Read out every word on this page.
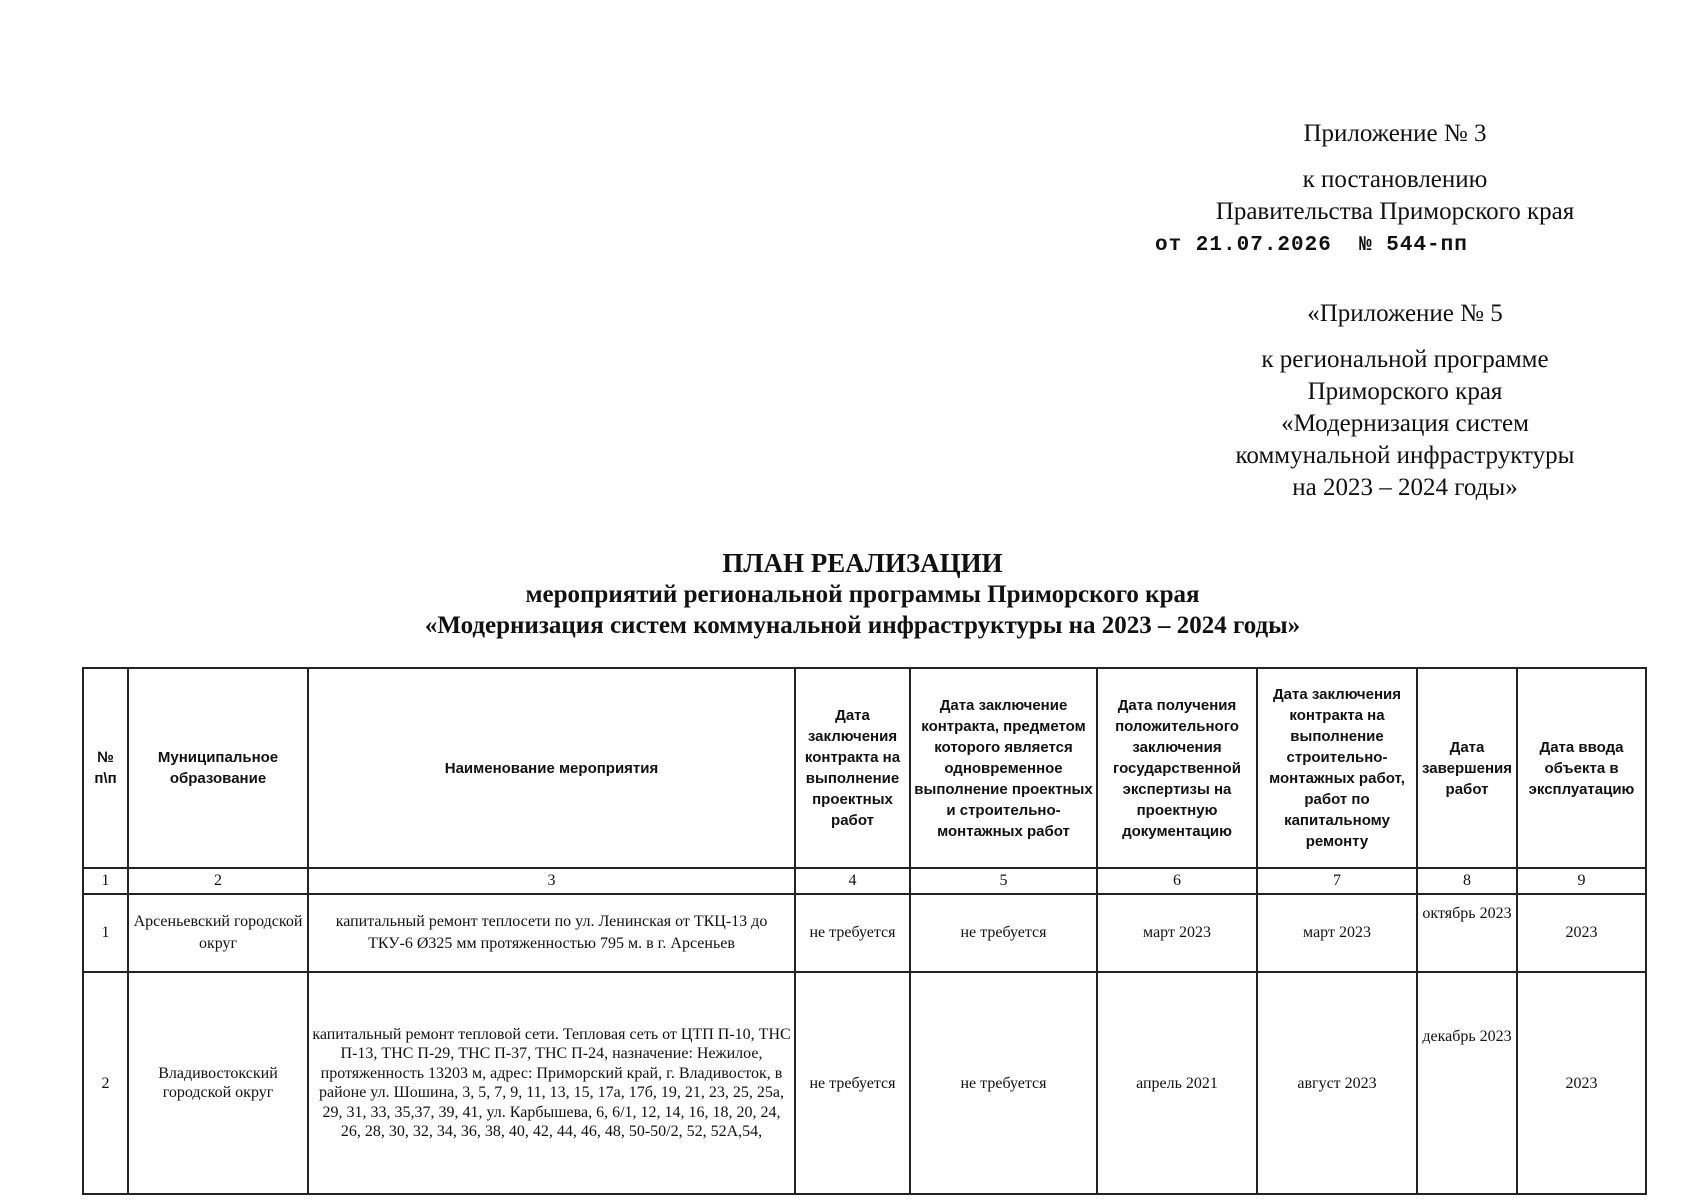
Приложение № 3
к постановлению
Правительства Приморского края
от 21.07.2026  № 544-пп
«Приложение № 5
к региональной программе
Приморского края
«Модернизация систем
коммунальной инфраструктуры
на 2023 – 2024 годы»
ПЛАН РЕАЛИЗАЦИИ
мероприятий региональной программы Приморского края
«Модернизация систем коммунальной инфраструктуры на 2023 – 2024 годы»
№ п\п	Муниципальное образование	Наименование мероприятия	Дата заключения контракта на выполнение проектных работ	Дата заключение контракта, предметом которого является одновременное выполнение проектных и строительно-монтажных работ	Дата получения положительного заключения государственной экспертизы на проектную документацию	Дата заключения контракта на выполнение строительно-монтажных работ, работ по капитальному ремонту	Дата завершения работ	Дата ввода объекта в эксплуатацию
1	2	3	4	5	6	7	8	9
1	Арсеньевский городской округ	капитальный ремонт теплосети по ул. Ленинская от ТКЦ-13 до ТКУ-6 Ø325 мм протяженностью 795 м. в г. Арсеньев	не требуется	не требуется	март 2023	март 2023	октябрь 2023	2023
2	Владивостокский городской округ	капитальный ремонт тепловой сети. Тепловая сеть от ЦТП П-10, ТНС П-13, ТНС П-29, ТНС П-37, ТНС П-24, назначение: Нежилое, протяженность 13203 м, адрес: Приморский край, г. Владивосток, в районе ул. Шошина, 3, 5, 7, 9, 11, 13, 15, 17а, 17б, 19, 21, 23, 25, 25а, 29, 31, 33, 35,37, 39, 41, ул. Карбышева, 6, 6/1, 12, 14, 16, 18, 20, 24, 26, 28, 30, 32, 34, 36, 38, 40, 42, 44, 46, 48, 50-50/2, 52, 52А,54,	не требуется	не требуется	апрель 2021	август 2023	декабрь 2023	2023
